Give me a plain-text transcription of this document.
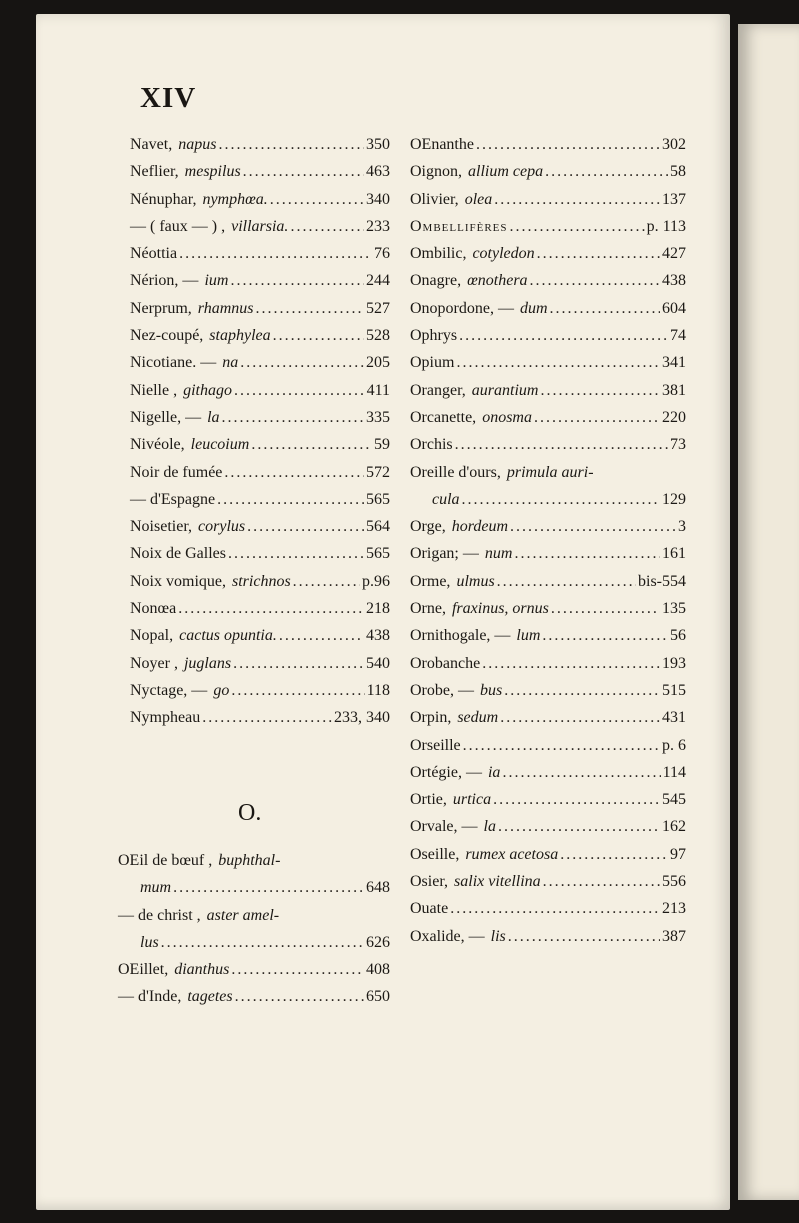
XIV
Navet, napus .....	350
Neflier, mespilus .....	463
Nénuphar, nymphœa. .....	340
— ( faux — ) , villarsia. .....	233
Néottia .....	76
Nérion, — ium .....	244
Nerprum, rhamnus .....	527
Nez-coupé, staphylea .....	528
Nicotiane. — na .....	205
Nielle , githago .....	411
Nigelle, — la .....	335
Nivéole, leucoium .....	59
Noir de fumée .....	572
— d'Espagne .....	565
Noisetier, corylus .....	564
Noix de Galles .....	565
Noix vomique, strichnos .....	p.96
Nonœa .....	218
Nopal, cactus opuntia. .....	438
Noyer , juglans .....	540
Nyctage, — go .....	118
Nympheau .....	233, 340
O.
OEil de bœuf , buphthal-
mum .....	648
— de christ , aster amel-
lus .....	626
OEillet, dianthus .....	408
— d'Inde, tagetes .....	650
OEnanthe .....	302
Oignon, allium cepa .....	58
Olivier, olea .....	137
Ombellifères .....	p. 113
Ombilic, cotyledon .....	427
Onagre, œnothera .....	438
Onopordone, — dum .....	604
Ophrys .....	74
Opium .....	341
Oranger, aurantium .....	381
Orcanette, onosma .....	220
Orchis .....	73
Oreille d'ours, primula auri-
cula .....	129
Orge, hordeum .....	3
Origan; — num .....	161
Orme, ulmus .....	bis-554
Orne, fraxinus, ornus .....	135
Ornithogale, — lum .....	56
Orobanche .....	193
Orobe, — bus .....	515
Orpin, sedum .....	431
Orseille .....	p. 6
Ortégie, — ia .....	114
Ortie, urtica .....	545
Orvale, — la .....	162
Oseille, rumex acetosa .....	97
Osier, salix vitellina .....	556
Ouate .....	213
Oxalide, — lis .....	387
